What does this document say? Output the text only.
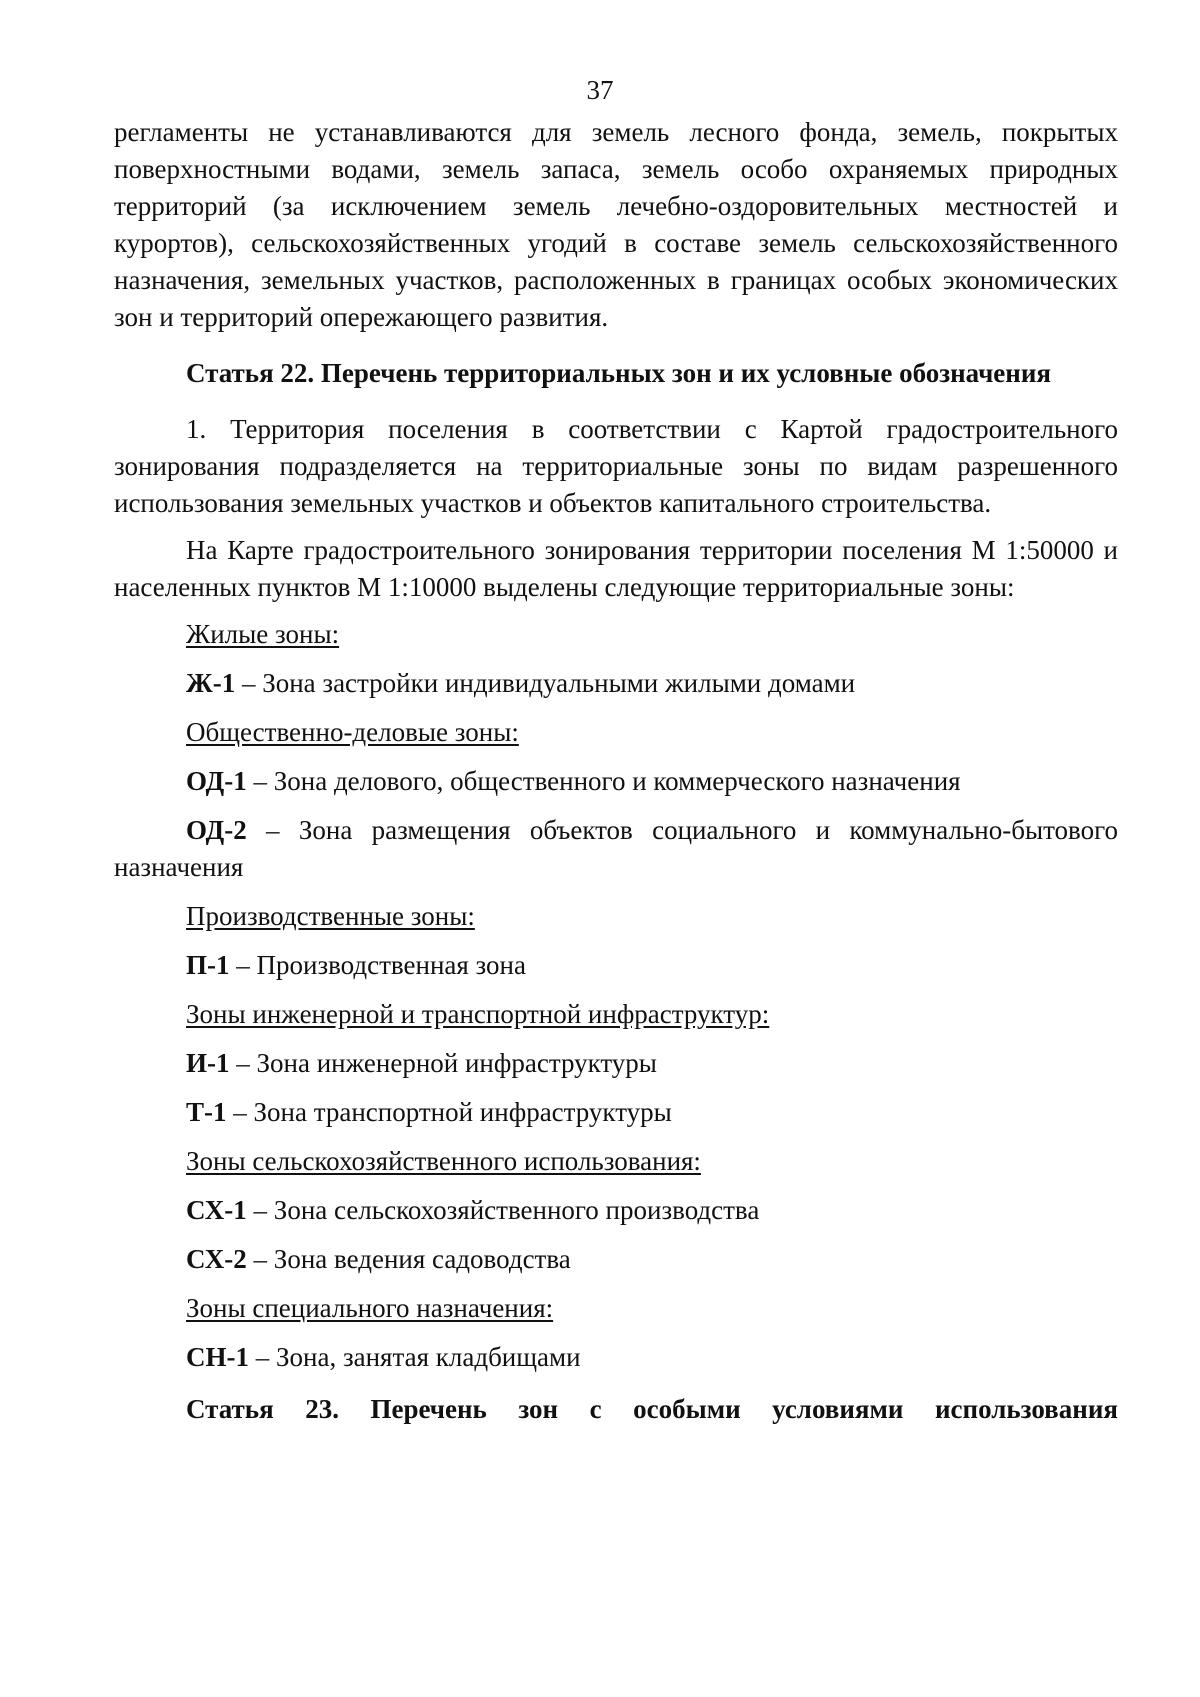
37

регламенты не устанавливаются для земель лесного фонда, земель, покрытых поверхностными водами, земель запаса, земель особо охраняемых природных территорий (за исключением земель лечебно-оздоровительных местностей и курортов), сельскохозяйственных угодий в составе земель сельскохозяйственного назначения, земельных участков, расположенных в границах особых экономических зон и территорий опережающего развития.

Статья 22. Перечень территориальных зон и их условные обозначения

1. Территория поселения в соответствии с Картой градостроительного зонирования подразделяется на территориальные зоны по видам разрешенного использования земельных участков и объектов капитального строительства.

На Карте градостроительного зонирования территории поселения М 1:50000 и населенных пунктов М 1:10000 выделены следующие территориальные зоны:

Жилые зоны:

Ж-1 – Зона застройки индивидуальными жилыми домами

Общественно-деловые зоны:

ОД-1 – Зона делового, общественного и коммерческого назначения

ОД-2 – Зона размещения объектов социального и коммунально-бытового назначения

Производственные зоны:

П-1 – Производственная зона

Зоны инженерной и транспортной инфраструктур:

И-1 – Зона инженерной инфраструктуры

Т-1 – Зона транспортной инфраструктуры

Зоны сельскохозяйственного использования:

СХ-1 – Зона сельскохозяйственного производства

СХ-2 – Зона ведения садоводства

Зоны специального назначения:

СН-1 – Зона, занятая кладбищами

Статья 23. Перечень зон с особыми условиями использования
